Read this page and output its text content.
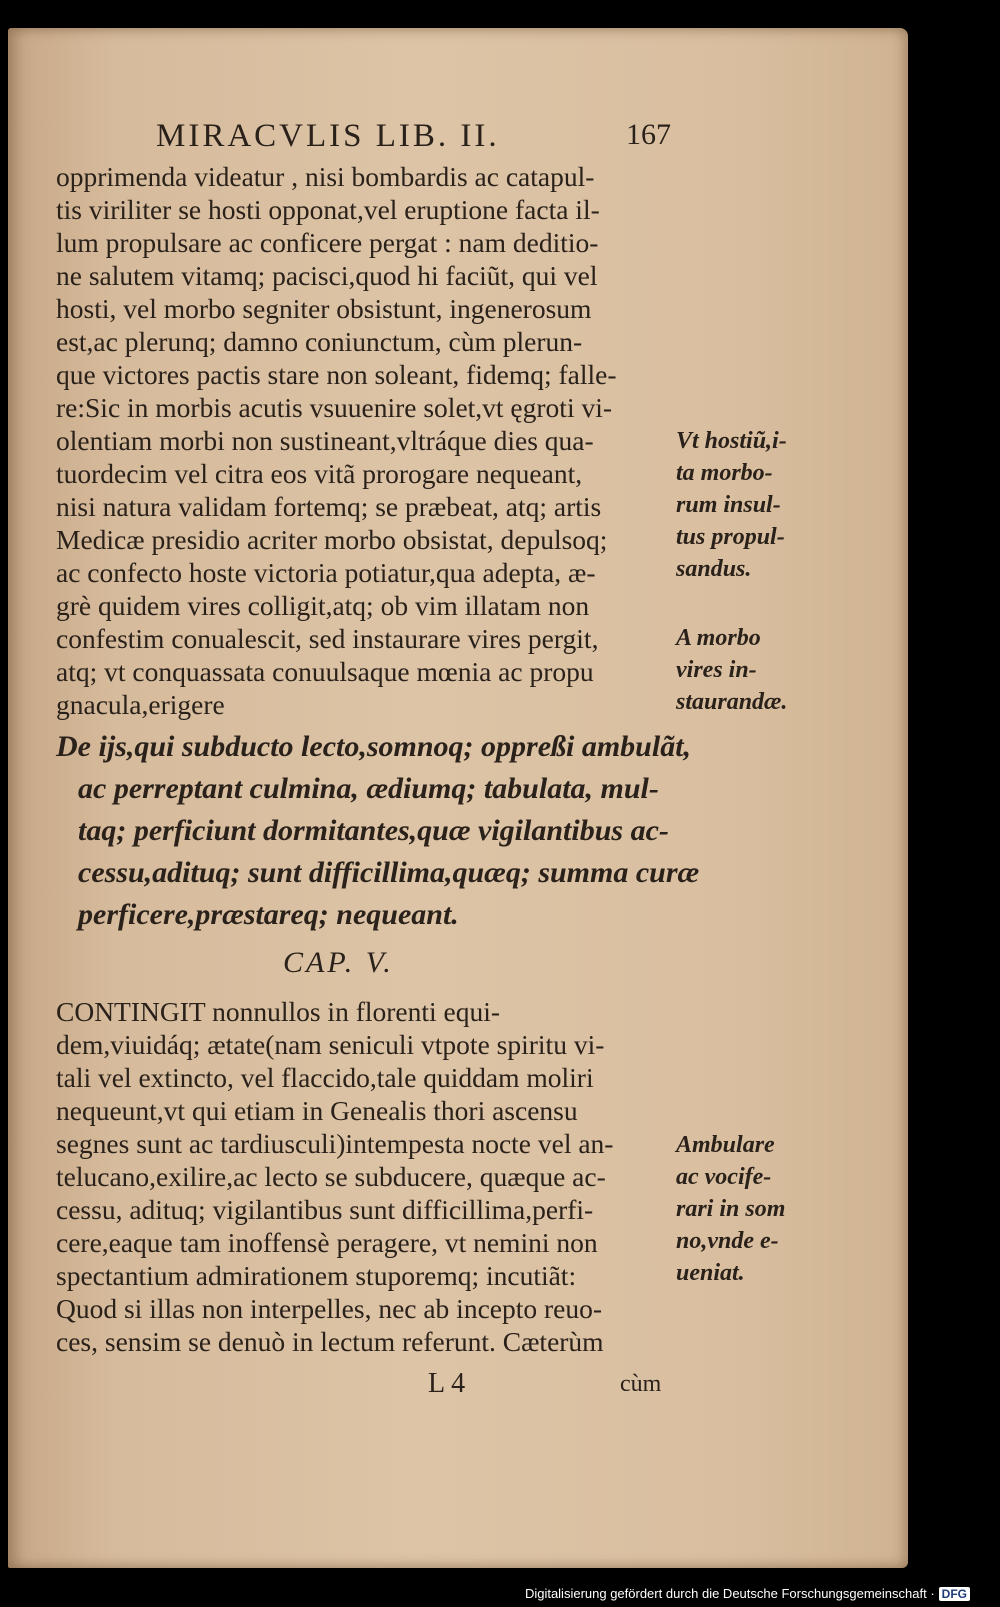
MIRACVLIS LIB. II.	167
opprimenda videatur , nisi bombardis ac catapul-
tis viriliter se hosti opponat,vel eruptione facta il-
lum propulsare ac conficere pergat : nam deditio-
ne salutem vitamq; pacisci,quod hi faciũt, qui vel
hosti, vel morbo segniter obsistunt, ingenerosum
est,ac plerunq; damno coniunctum, cùm plerun-
que victores pactis stare non soleant, fidemq; falle-
re:Sic in morbis acutis vsuuenire solet,vt ęgroti vi-
olentiam morbi non sustineant,vltráque dies qua-
tuordecim vel citra eos vitã prorogare nequeant,
nisi natura validam fortemq; se præbeat, atq; artis
Medicæ presidio acriter morbo obsistat, depulsoq;
ac confecto hoste victoria potiatur,qua adepta, æ-
grè quidem vires colligit,atq; ob vim illatam non
confestim conualescit, sed instaurare vires pergit,
atq; vt conquassata conuulsaque mœnia ac propu
gnacula,erigere
De ijs,qui subducto lecto,somnoq; oppreßi ambulãt,
ac perreptant culmina, ædiumq; tabulata, mul-
taq; perficiunt dormitantes,quæ vigilantibus ac-
cessu,adituq; sunt difficillima,quæq; summa curæ
perficere,præstareq; nequeant.
CAP. V.
CONTINGIT nonnullos in florenti equi-
dem,viuidáq; ætate(nam seniculi vtpote spiritu vi-
tali vel extincto, vel flaccido,tale quiddam moliri
nequeunt,vt qui etiam in Genealis thori ascensu
segnes sunt ac tardiusculi)intempesta nocte vel an-
telucano,exilire,ac lecto se subducere, quæque ac-
cessu, adituq; vigilantibus sunt difficillima,perfi-
cere,eaque tam inoffensè peragere, vt nemini non
spectantium admirationem stuporemq; incutiãt:
Quod si illas non interpelles, nec ab incepto reuo-
ces, sensim se denuò in lectum referunt. Cæterùm
Vt hostiũ,i-
ta morbo-
rum insul-
tus propul-
sandus.
A morbo
vires in-
staurandæ.
Ambulare
ac vocife-
rari in som
no,vnde e-
ueniat.
L 4	cùm
Digitalisierung gefördert durch die Deutsche Forschungsgemeinschaft · DFG
